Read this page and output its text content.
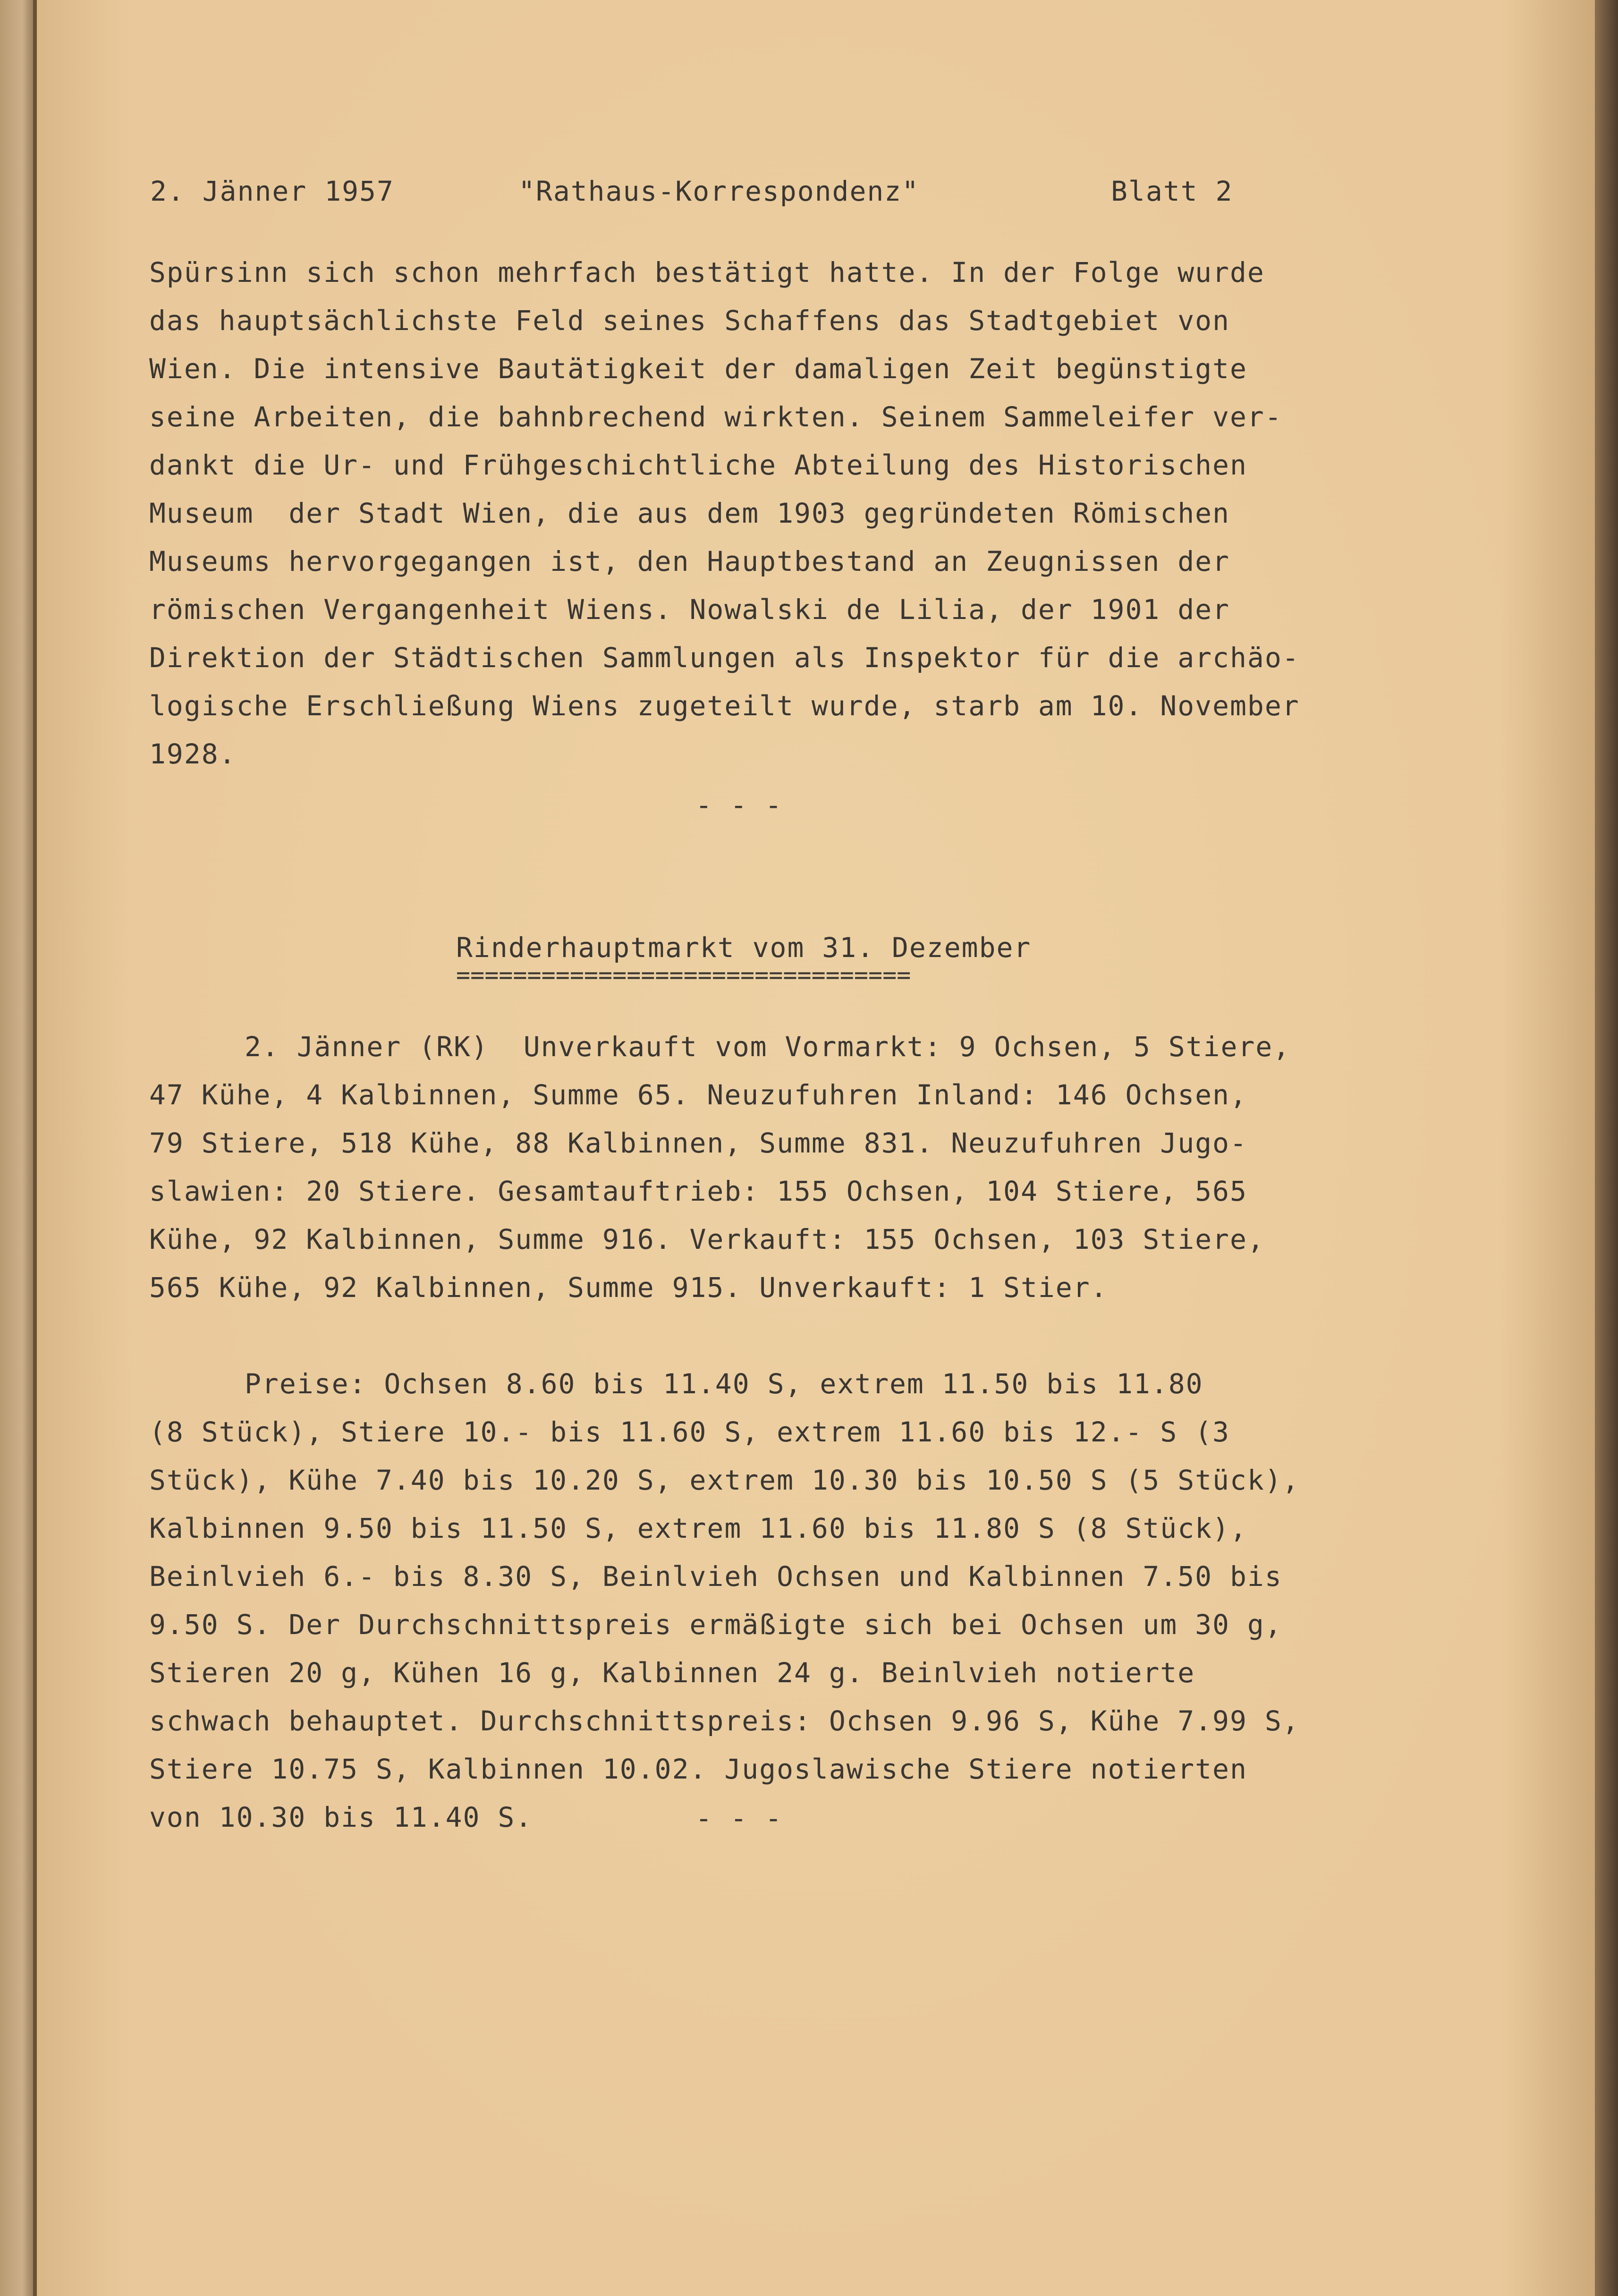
2. Jänner 1957	"Rathaus-Korrespondenz"	Blatt 2

Spürsinn sich schon mehrfach bestätigt hatte. In der Folge wurde

das hauptsächlichste Feld seines Schaffens das Stadtgebiet von

Wien. Die intensive Bautätigkeit der damaligen Zeit begünstigte

seine Arbeiten, die bahnbrechend wirkten. Seinem Sammeleifer ver-

dankt die Ur- und Frühgeschichtliche Abteilung des Historischen

Museum  der Stadt Wien, die aus dem 1903 gegründeten Römischen

Museums hervorgegangen ist, den Hauptbestand an Zeugnissen der

römischen Vergangenheit Wiens. Nowalski de Lilia, der 1901 der

Direktion der Städtischen Sammlungen als Inspektor für die archäo-

logische Erschließung Wiens zugeteilt wurde, starb am 10. November

1928.

- - -

Rinderhauptmarkt vom 31. Dezember

================================

2. Jänner (RK)  Unverkauft vom Vormarkt: 9 Ochsen, 5 Stiere,

47 Kühe, 4 Kalbinnen, Summe 65. Neuzufuhren Inland: 146 Ochsen,

79 Stiere, 518 Kühe, 88 Kalbinnen, Summe 831. Neuzufuhren Jugo-

slawien: 20 Stiere. Gesamtauftrieb: 155 Ochsen, 104 Stiere, 565

Kühe, 92 Kalbinnen, Summe 916. Verkauft: 155 Ochsen, 103 Stiere,

565 Kühe, 92 Kalbinnen, Summe 915. Unverkauft: 1 Stier.

Preise: Ochsen 8.60 bis 11.40 S, extrem 11.50 bis 11.80

(8 Stück), Stiere 10.- bis 11.60 S, extrem 11.60 bis 12.- S (3

Stück), Kühe 7.40 bis 10.20 S, extrem 10.30 bis 10.50 S (5 Stück),

Kalbinnen 9.50 bis 11.50 S, extrem 11.60 bis 11.80 S (8 Stück),

Beinlvieh 6.- bis 8.30 S, Beinlvieh Ochsen und Kalbinnen 7.50 bis

9.50 S. Der Durchschnittspreis ermäßigte sich bei Ochsen um 30 g,

Stieren 20 g, Kühen 16 g, Kalbinnen 24 g. Beinlvieh notierte

schwach behauptet. Durchschnittspreis: Ochsen 9.96 S, Kühe 7.99 S,

Stiere 10.75 S, Kalbinnen 10.02. Jugoslawische Stiere notierten

von 10.30 bis 11.40 S.	- - -
